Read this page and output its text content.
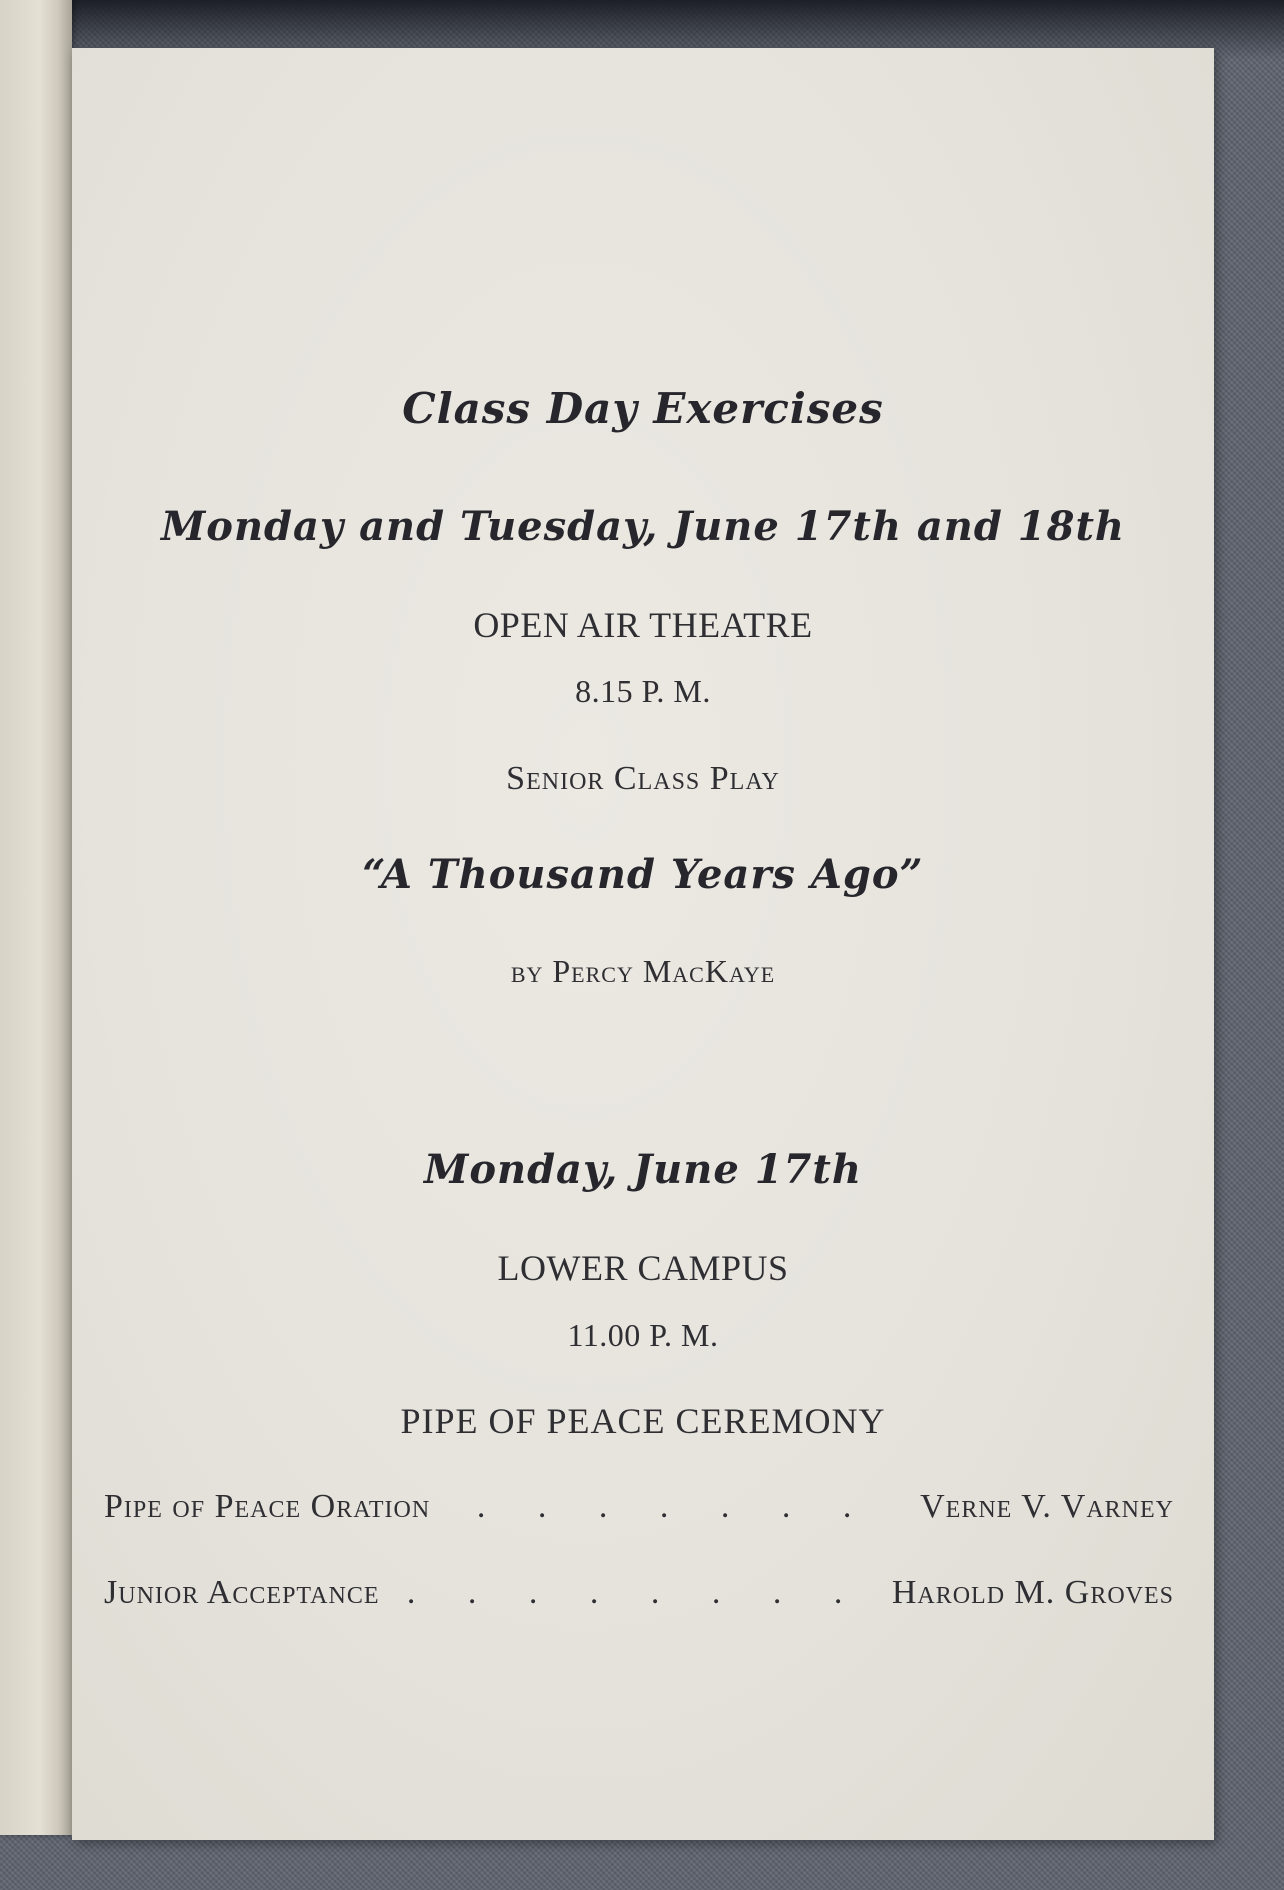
Class Day Exercises
Monday and Tuesday, June 17th and 18th
OPEN AIR THEATRE
8.15 P. M.
Senior Class Play
“A Thousand Years Ago”
by Percy MacKaye
Monday, June 17th
LOWER CAMPUS
11.00 P. M.
PIPE OF PEACE CEREMONY
Pipe of Peace Oration	. . . . . . .	Verne V. Varney
Junior Acceptance . . . . . . . . Harold M. Groves
